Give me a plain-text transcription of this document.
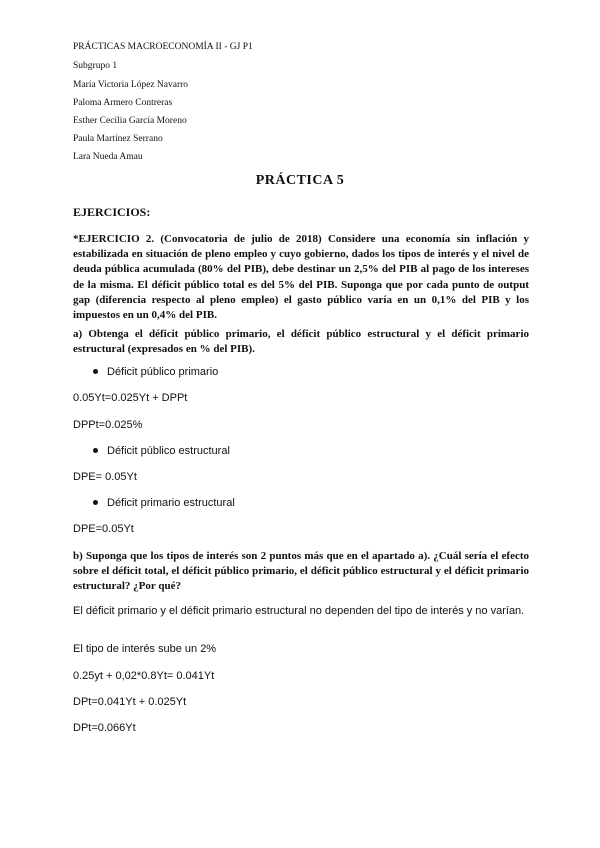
PRÁCTICAS MACROECONOMÍA II - GJ P1
Subgrupo 1
María Victoria López Navarro
Paloma Armero Contreras
Esther Cecilia García Moreno
Paula Martínez Serrano
Lara Nueda Amau
PRÁCTICA 5
EJERCICIOS:
*EJERCICIO 2. (Convocatoria de julio de 2018) Considere una economía sin inflación y estabilizada en situación de pleno empleo y cuyo gobierno, dados los tipos de interés y el nivel de deuda pública acumulada (80% del PIB), debe destinar un 2,5% del PIB al pago de los intereses de la misma. El déficit público total es del 5% del PIB. Suponga que por cada punto de output gap (diferencia respecto al pleno empleo) el gasto público varía en un 0,1% del PIB y los impuestos en un 0,4% del PIB.
a) Obtenga el déficit público primario, el déficit público estructural y el déficit primario estructural (expresados en % del PIB).
Déficit público primario
0.05Yt=0.025Yt + DPPt
DPPt=0.025%
Déficit público estructural
DPE= 0.05Yt
Déficit primario estructural
DPE=0.05Yt
b) Suponga que los tipos de interés son 2 puntos más que en el apartado a). ¿Cuál sería el efecto sobre el déficit total, el déficit público primario, el déficit público estructural y el déficit primario estructural? ¿Por qué?
El déficit primario y el déficit primario estructural no dependen del tipo de interés y no varían.
El tipo de interés sube un 2%
0.25yt + 0,02*0.8Yt= 0.041Yt
DPt=0.041Yt + 0.025Yt
DPt=0.066Yt
